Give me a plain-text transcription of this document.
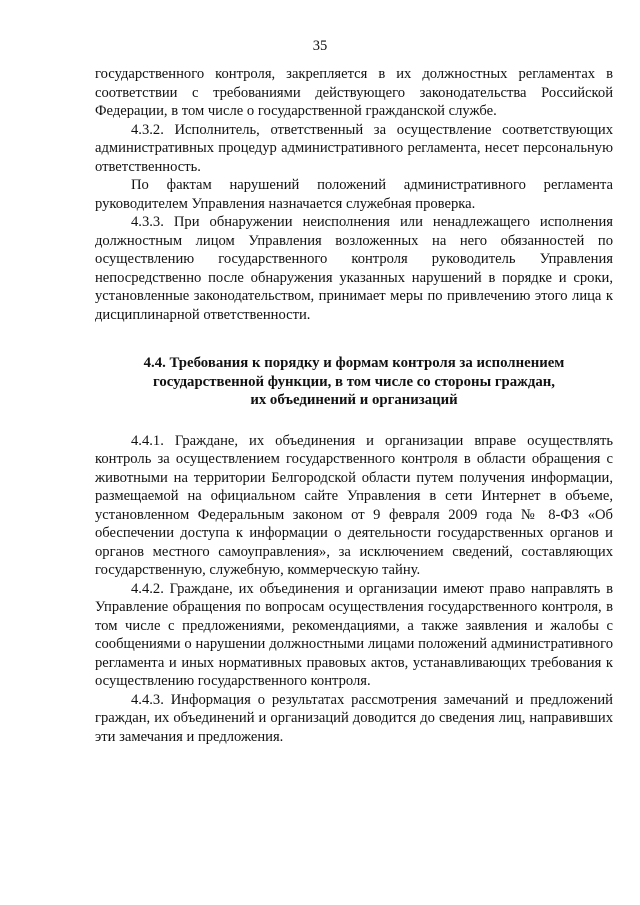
35

государственного контроля, закрепляется в их должностных регламентах в соответствии с требованиями действующего законодательства Российской Федерации, в том числе о государственной гражданской службе.

4.3.2. Исполнитель, ответственный за осуществление соответствующих административных процедур административного регламента, несет персональную ответственность.

По фактам нарушений положений административного регламента руководителем Управления назначается служебная проверка.

4.3.3. При обнаружении неисполнения или ненадлежащего исполнения должностным лицом Управления возложенных на него обязанностей по осуществлению государственного контроля руководитель Управления непосредственно после обнаружения указанных нарушений в порядке и сроки, установленные законодательством, принимает меры по привлечению этого лица к дисциплинарной ответственности.

4.4. Требования к порядку и формам контроля за исполнением

государственной функции, в том числе со стороны граждан,

их объединений и организаций

4.4.1. Граждане, их объединения и организации вправе осуществлять контроль за осуществлением государственного контроля в области обращения с животными на территории Белгородской области путем получения информации, размещаемой на официальном сайте Управления в сети Интернет в объеме, установленном Федеральным законом от 9 февраля 2009 года № 8-ФЗ «Об обеспечении доступа к информации о деятельности государственных органов и органов местного самоуправления», за исключением сведений, составляющих государственную, служебную, коммерческую тайну.

4.4.2. Граждане, их объединения и организации имеют право направлять в Управление обращения по вопросам осуществления государственного контроля, в том числе с предложениями, рекомендациями, а также заявления и жалобы с сообщениями о нарушении должностными лицами положений административного регламента и иных нормативных правовых актов, устанавливающих требования к осуществлению государственного контроля.

4.4.3. Информация о результатах рассмотрения замечаний и предложений граждан, их объединений и организаций доводится до сведения лиц, направивших эти замечания и предложения.
